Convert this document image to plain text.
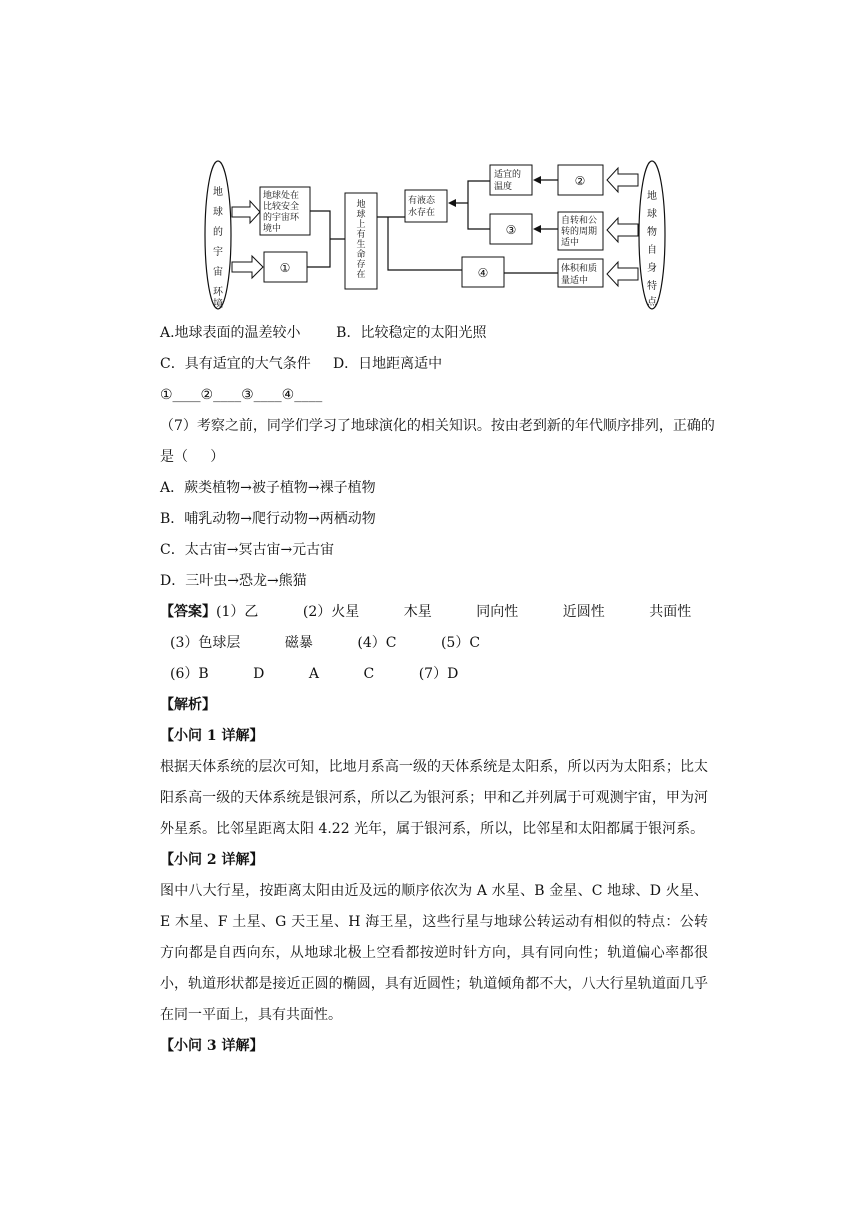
地
球
的
宇
宙
环
境
地
球
物
自
身
特
点
地球处在
比较安全
的宇宙环
境中
①
地
球
上
有
生
命
存
在
有液态
水存在
适宜的
温度	②
③
自转和公
转的周期
适中
④	体积和质
量适中
A.地球表面的温差较小        B．比较稳定的太阳光照
C．具有适宜的大气条件     D．日地距离适中
①____②____③____④____
（7）考察之前，同学们学习了地球演化的相关知识。按由老到新的年代顺序排列，正确的
是（     ）
A．蕨类植物→被子植物→裸子植物
B．哺乳动物→爬行动物→两栖动物
C．太古宙→冥古宙→元古宙
D．三叶虫→恐龙→熊猫
【答案】(1）乙          (2）火星          木星          同向性          近圆性          共面性
(3）色球层          磁暴          (4）C          (5）C
(6）B          D          A          C          (7）D
【解析】
【小问 1 详解】
根据天体系统的层次可知，比地月系高一级的天体系统是太阳系，所以丙为太阳系；比太阳系高一级的天体系统是银河系，所以乙为银河系；甲和乙并列属于可观测宇宙，甲为河外星系。比邻星距离太阳 4.22 光年，属于银河系，所以，比邻星和太阳都属于银河系。
【小问 2 详解】
图中八大行星，按距离太阳由近及远的顺序依次为 A 水星、B 金星、C 地球、D 火星、E 木星、F 土星、G 天王星、H 海王星，这些行星与地球公转运动有相似的特点：公转方向都是自西向东，从地球北极上空看都按逆时针方向，具有同向性；轨道偏心率都很小，轨道形状都是接近正圆的椭圆，具有近圆性；轨道倾角都不大，八大行星轨道面几乎在同一平面上，具有共面性。
【小问 3 详解】
